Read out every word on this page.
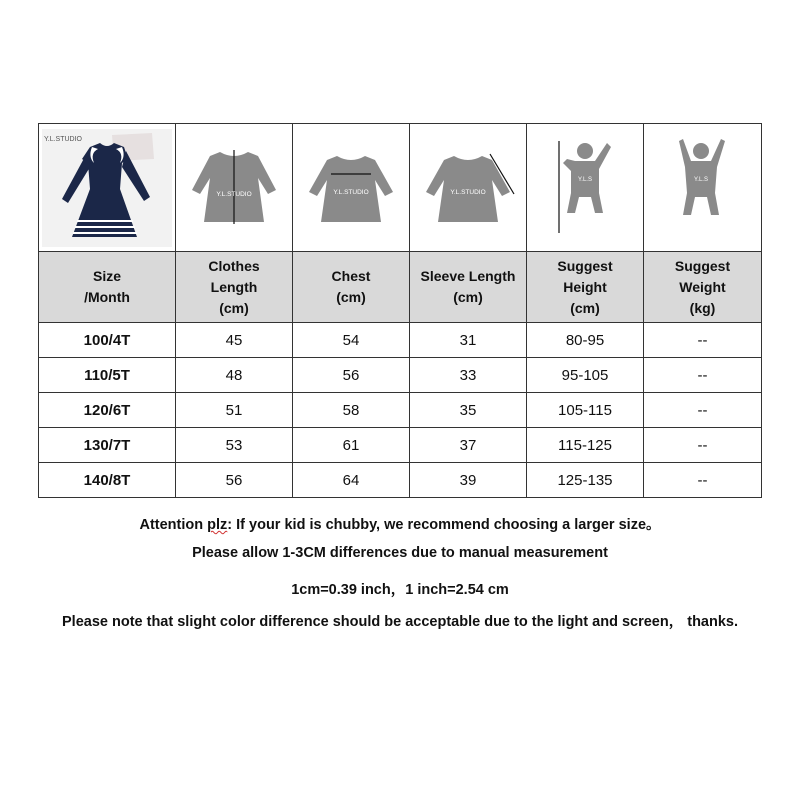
Y.L.STUDIO	Y.L.STUDIO	Y.L.STUDIO	Y.L.STUDIO	Y.L.S	Y.L.S

Size
/Month	Clothes
Length
(cm)	Chest
(cm)	Sleeve Length
(cm)	Suggest
Height
(cm)	Suggest
Weight
(kg)

100/4T	45	54	31	80-95	--
110/5T	48	56	33	95-105	--
120/6T	51	58	35	105-115	--
130/7T	53	61	37	115-125	--
140/8T	56	64	39	125-135	--
Attention plz: If your kid is chubby, we recommend choosing a larger size。
Please allow 1-3CM differences due to manual measurement
1cm=0.39 inch，1 inch=2.54 cm
Please note that slight color difference should be acceptable due to the light and screen， thanks.
